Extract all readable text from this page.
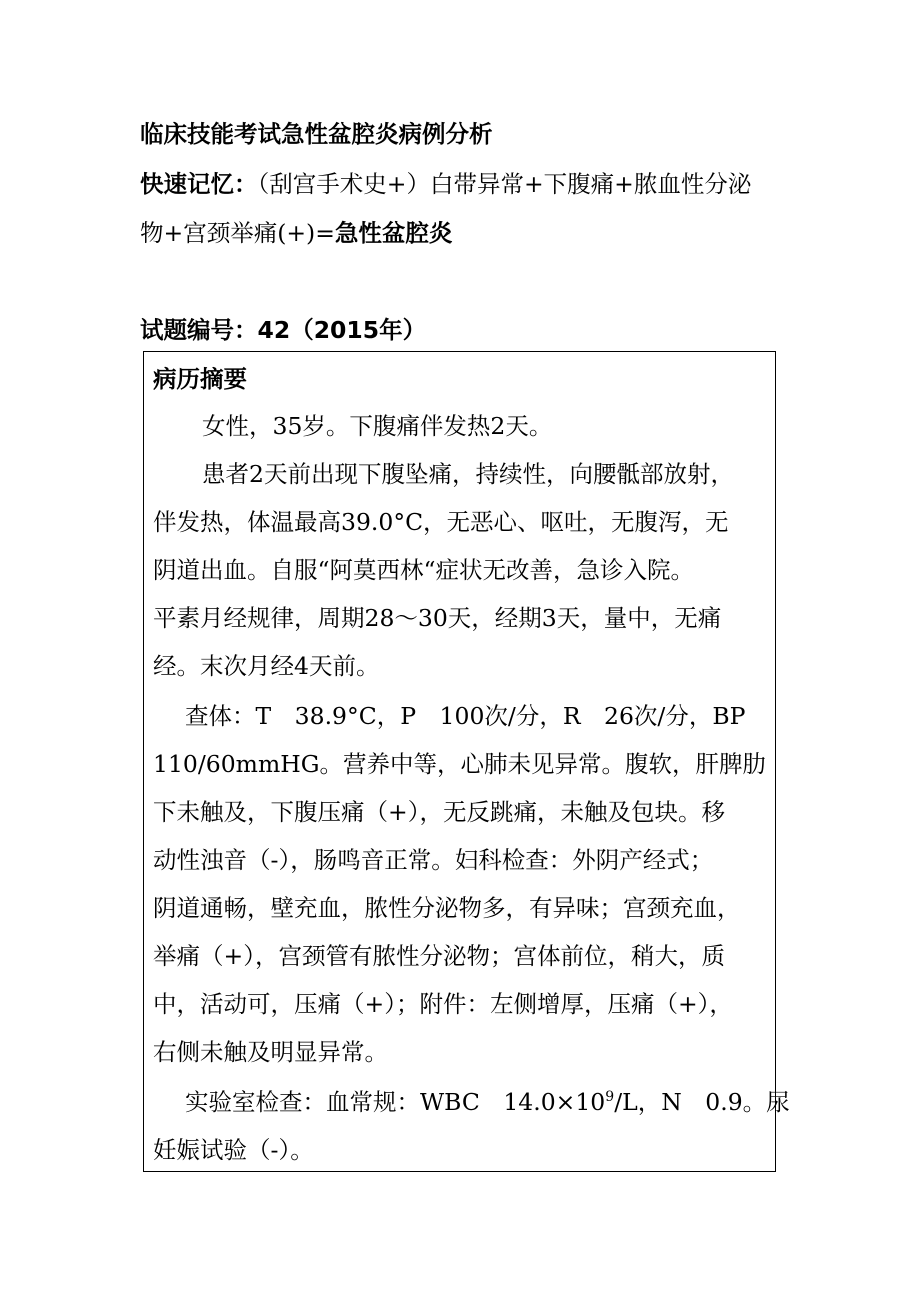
临床技能考试急性盆腔炎病例分析
快速记忆：（刮宫手术史+）白带异常+下腹痛+脓血性分泌
物+宫颈举痛(+)=急性盆腔炎
试题编号：42（2015年）
病历摘要
女性，35岁。下腹痛伴发热2天。
患者2天前出现下腹坠痛，持续性，向腰骶部放射，
伴发热，体温最高39.0°C，无恶心、呕吐，无腹泻，无
阴道出血。自服“阿莫西林“症状无改善，急诊入院。
平素月经规律，周期28～30天，经期3天，量中，无痛
经。末次月经4天前。
查体：T　38.9°C，P　100次/分，R　26次/分，BP
110/60mmHG。营养中等，心肺未见异常。腹软，肝脾肋
下未触及，下腹压痛（+），无反跳痛，未触及包块。移
动性浊音（-），肠鸣音正常。妇科检查：外阴产经式；
阴道通畅，壁充血，脓性分泌物多，有异味；宫颈充血，
举痛（+），宫颈管有脓性分泌物；宫体前位，稍大，质
中，活动可，压痛（+）；附件：左侧增厚，压痛（+），
右侧未触及明显异常。
实验室检查：血常规：WBC　$14.0\times 10^9/L$，N　0.9。尿
妊娠试验（-）。
